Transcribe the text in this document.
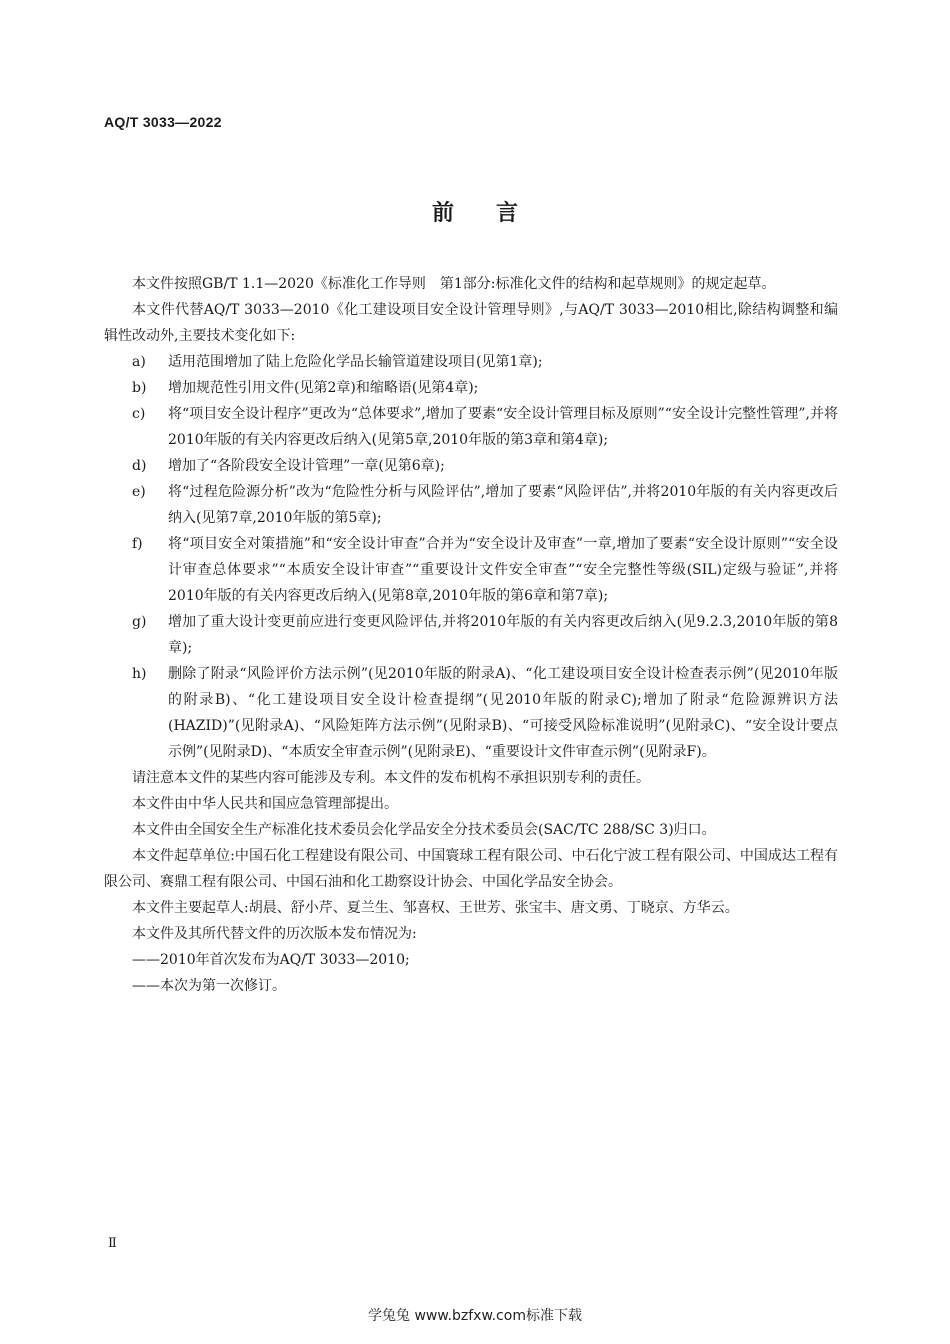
AQ/T 3033—2022
前言

本文件按照GB/T 1.1—2020《标准化工作导则　第1部分:标准化文件的结构和起草规则》的规定起草。

本文件代替AQ/T 3033—2010《化工建设项目安全设计管理导则》,与AQ/T 3033—2010相比,除结构调整和编辑性改动外,主要技术变化如下:

a) 适用范围增加了陆上危险化学品长输管道建设项目(见第1章);
b) 增加规范性引用文件(见第2章)和缩略语(见第4章);
c) 将“项目安全设计程序”更改为“总体要求”,增加了要素“安全设计管理目标及原则”“安全设计完整性管理”,并将2010年版的有关内容更改后纳入(见第5章,2010年版的第3章和第4章);
d) 增加了“各阶段安全设计管理”一章(见第6章);
e) 将“过程危险源分析”改为“危险性分析与风险评估”,增加了要素“风险评估”,并将2010年版的有关内容更改后纳入(见第7章,2010年版的第5章);
f) 将“项目安全对策措施”和“安全设计审查”合并为“安全设计及审查”一章,增加了要素“安全设计原则”“安全设计审查总体要求”“本质安全设计审查”“重要设计文件安全审查”“安全完整性等级(SIL)定级与验证”,并将2010年版的有关内容更改后纳入(见第8章,2010年版的第6章和第7章);
g) 增加了重大设计变更前应进行变更风险评估,并将2010年版的有关内容更改后纳入(见9.2.3,2010年版的第8章);
h) 删除了附录“风险评价方法示例”(见2010年版的附录A)、“化工建设项目安全设计检查表示例”(见2010年版的附录B)、“化工建设项目安全设计检查提纲”(见2010年版的附录C);增加了附录“危险源辨识方法(HAZID)”(见附录A)、“风险矩阵方法示例”(见附录B)、“可接受风险标准说明”(见附录C)、“安全设计要点示例”(见附录D)、“本质安全审查示例”(见附录E)、“重要设计文件审查示例”(见附录F)。

请注意本文件的某些内容可能涉及专利。本文件的发布机构不承担识别专利的责任。

本文件由中华人民共和国应急管理部提出。

本文件由全国安全生产标准化技术委员会化学品安全分技术委员会(SAC/TC 288/SC 3)归口。

本文件起草单位:中国石化工程建设有限公司、中国寰球工程有限公司、中石化宁波工程有限公司、中国成达工程有限公司、赛鼎工程有限公司、中国石油和化工勘察设计协会、中国化学品安全协会。

本文件主要起草人:胡晨、舒小芹、夏兰生、邹喜权、王世芳、张宝丰、唐文勇、丁晓京、方华云。

本文件及其所代替文件的历次版本发布情况为:

——2010年首次发布为AQ/T 3033—2010;

——本次为第一次修订。

Ⅱ
学兔兔 www.bzfxw.com标准下载
